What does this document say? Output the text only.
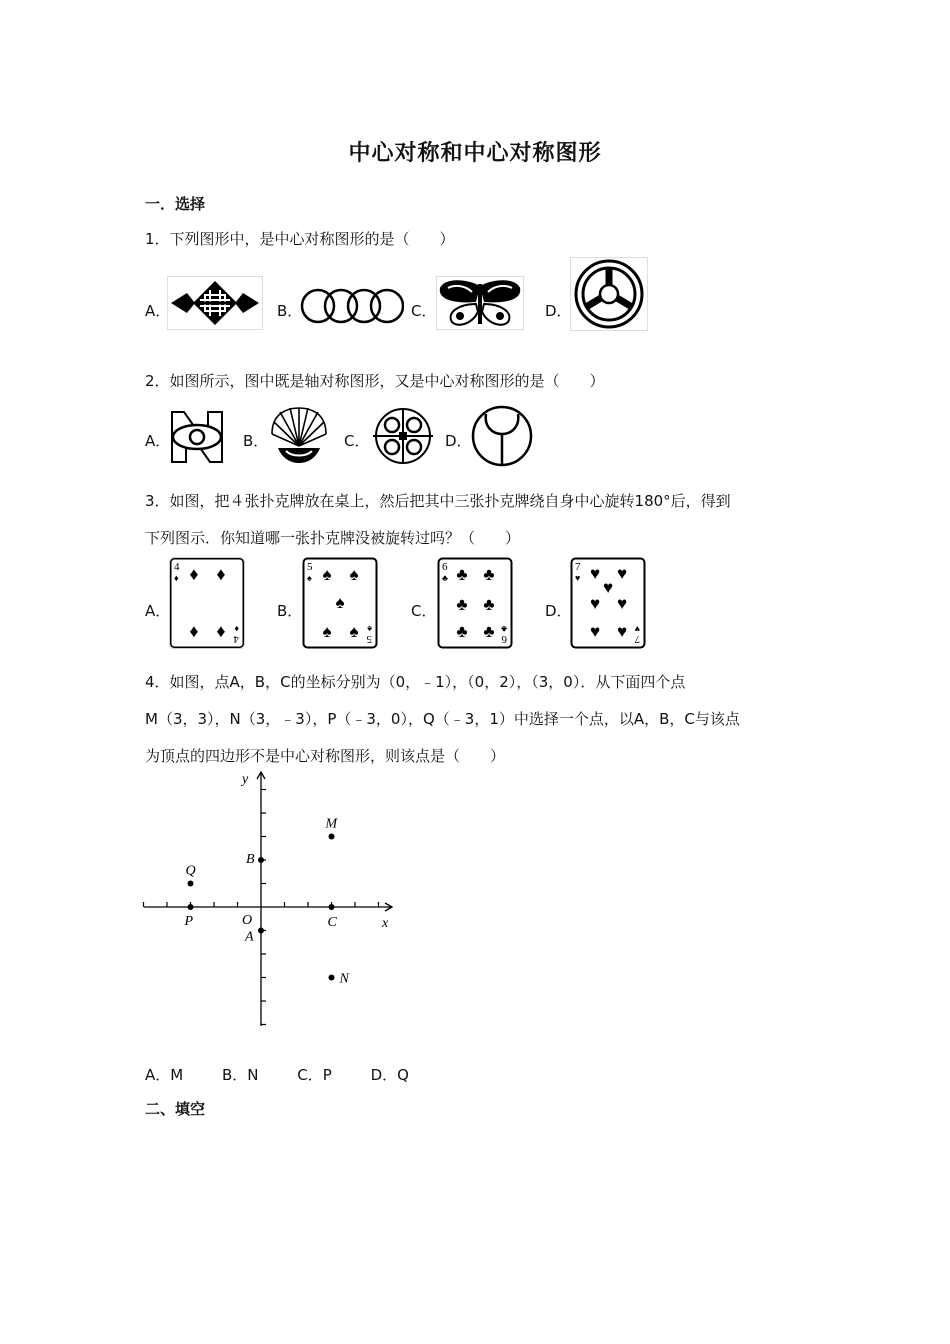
中心对称和中心对称图形
一．选择
1．下列图形中，是中心对称图形的是（　　）
A．	B．	C．	D．
2．如图所示，图中既是轴对称图形，又是中心对称图形的是（　　）
A．	B．	C．	D．
3．如图，把４张扑克牌放在桌上，然后把其中三张扑克牌绕自身中心旋转180°后，得到
下列图示．你知道哪一张扑克牌没被旋转过吗？（　　）
A．	B．	C．	D．
4
♦ ♦ ♦
♦ ♦ 4
♦
5
♠ ♠ ♠
♠
♠ ♠ 5
♠
6
♣ ♣ ♣
♣ ♣
♣ ♣ 6
♣
7
♥ ♥ ♥
♥
♥ ♥
♥ ♥ 7
♥
4．如图，点A，B，C的坐标分别为（0，﹣1），（0，2），（3，0）．从下面四个点
M（3，3），N（3，﹣3），P（﹣3，0），Q（﹣3，1）中选择一个点，以A，B，C与该点
为顶点的四边形不是中心对称图形，则该点是（　　）
x
y
O
A
B
C
M
N
P
Q
A．M	B．N	C．P	D．Q
二、填空
